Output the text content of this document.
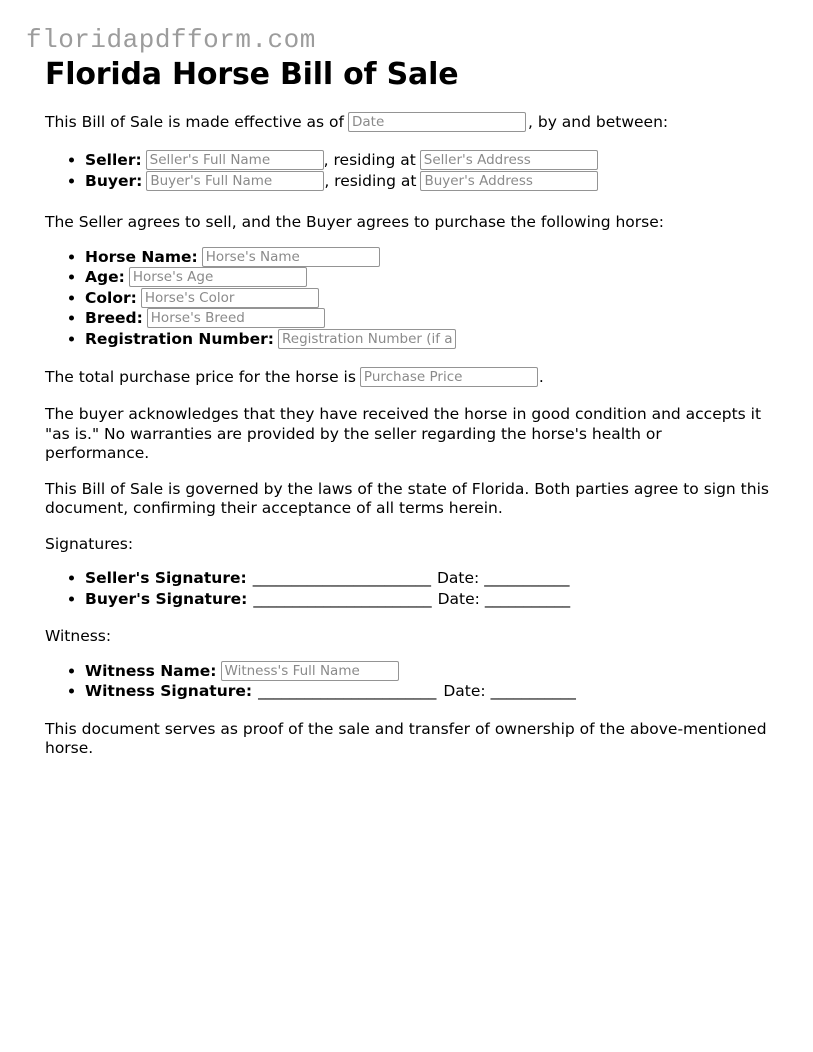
floridapdfform.com
Florida Horse Bill of Sale
This Bill of Sale is made effective as of
Date	, by and between:
Seller:
Seller's Full Name	, residing at
Seller's Address
Buyer:
Buyer's Full Name	, residing at
Buyer's Address

The Seller agrees to sell, and the Buyer agrees to purchase the following horse:

Horse Name:
Horse's Name
Age:
Horse's Age
Color:
Horse's Color
Breed:
Horse's Breed
Registration Number:
Registration Number (if applicable)
The total purchase price for the horse is
Purchase Price	.

The buyer acknowledges that they have received the horse in good condition and accepts it "as is." No warranties are provided by the seller regarding the horse's health or performance.

This Bill of Sale is governed by the laws of the state of Florida. Both parties agree to sign this document, confirming their acceptance of all terms herein.

Signatures:

Seller's Signature: _______________________ Date: ___________
Buyer's Signature: _______________________ Date: ___________

Witness:

Witness Name:
Witness's Full Name
Witness Signature: _______________________ Date: ___________

This document serves as proof of the sale and transfer of ownership of the above-mentioned horse.
